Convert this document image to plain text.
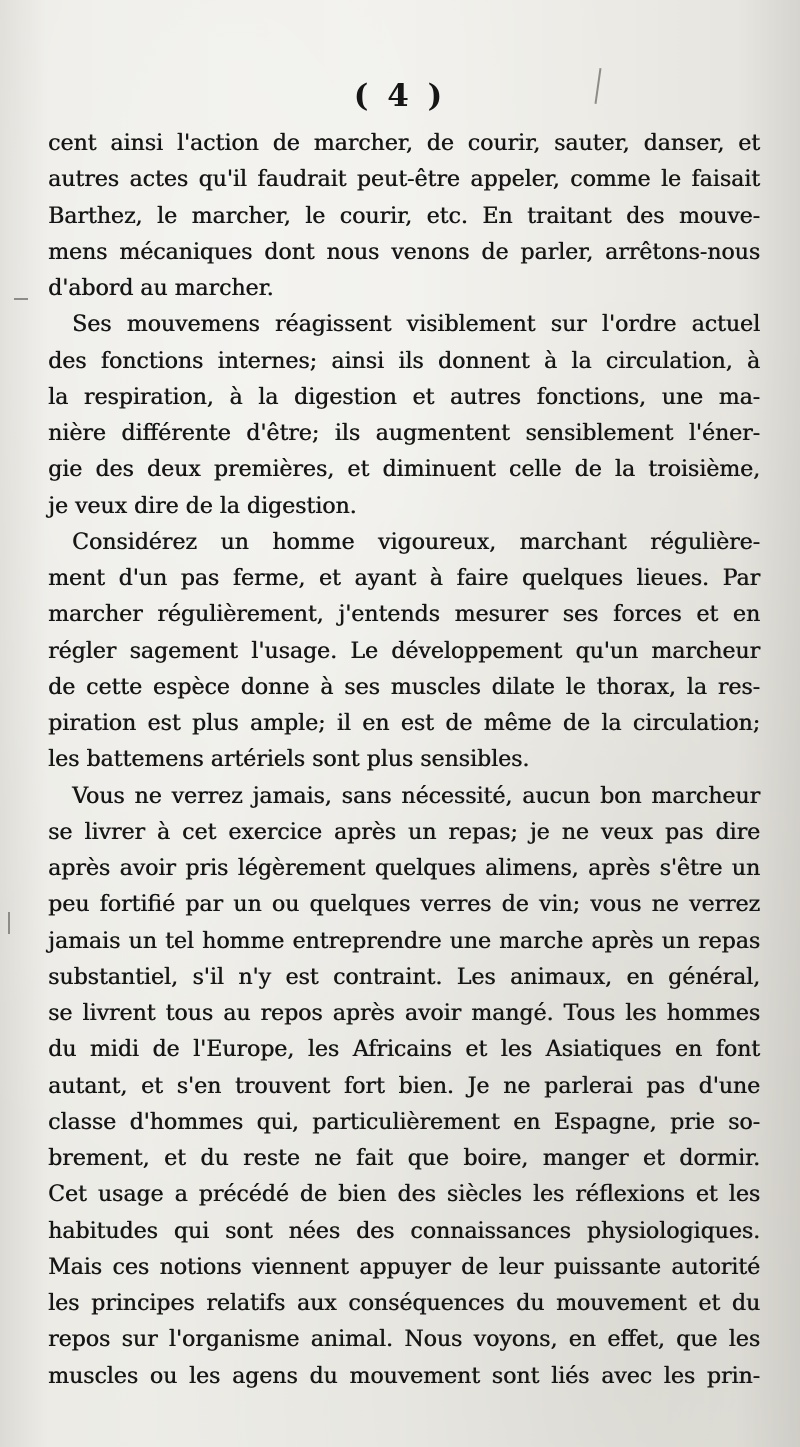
( 4 )
cent ainsi l'action de marcher, de courir, sauter, danser, et
autres actes qu'il faudrait peut-être appeler, comme le faisait
Barthez, le marcher, le courir, etc. En traitant des mouve-
mens mécaniques dont nous venons de parler, arrêtons-nous
d'abord au marcher.
Ses mouvemens réagissent visiblement sur l'ordre actuel
des fonctions internes; ainsi ils donnent à la circulation, à
la respiration, à la digestion et autres fonctions, une ma-
nière différente d'être; ils augmentent sensiblement l'éner-
gie des deux premières, et diminuent celle de la troisième,
je veux dire de la digestion.
Considérez un homme vigoureux, marchant régulière-
ment d'un pas ferme, et ayant à faire quelques lieues. Par
marcher régulièrement, j'entends mesurer ses forces et en
régler sagement l'usage. Le développement qu'un marcheur
de cette espèce donne à ses muscles dilate le thorax, la res-
piration est plus ample; il en est de même de la circulation;
les battemens artériels sont plus sensibles.
Vous ne verrez jamais, sans nécessité, aucun bon marcheur
se livrer à cet exercice après un repas; je ne veux pas dire
après avoir pris légèrement quelques alimens, après s'être un
peu fortifié par un ou quelques verres de vin; vous ne verrez
jamais un tel homme entreprendre une marche après un repas
substantiel, s'il n'y est contraint. Les animaux, en général,
se livrent tous au repos après avoir mangé. Tous les hommes
du midi de l'Europe, les Africains et les Asiatiques en font
autant, et s'en trouvent fort bien. Je ne parlerai pas d'une
classe d'hommes qui, particulièrement en Espagne, prie so-
brement, et du reste ne fait que boire, manger et dormir.
Cet usage a précédé de bien des siècles les réflexions et les
habitudes qui sont nées des connaissances physiologiques.
Mais ces notions viennent appuyer de leur puissante autorité
les principes relatifs aux conséquences du mouvement et du
repos sur l'organisme animal. Nous voyons, en effet, que les
muscles ou les agens du mouvement sont liés avec les prin-
